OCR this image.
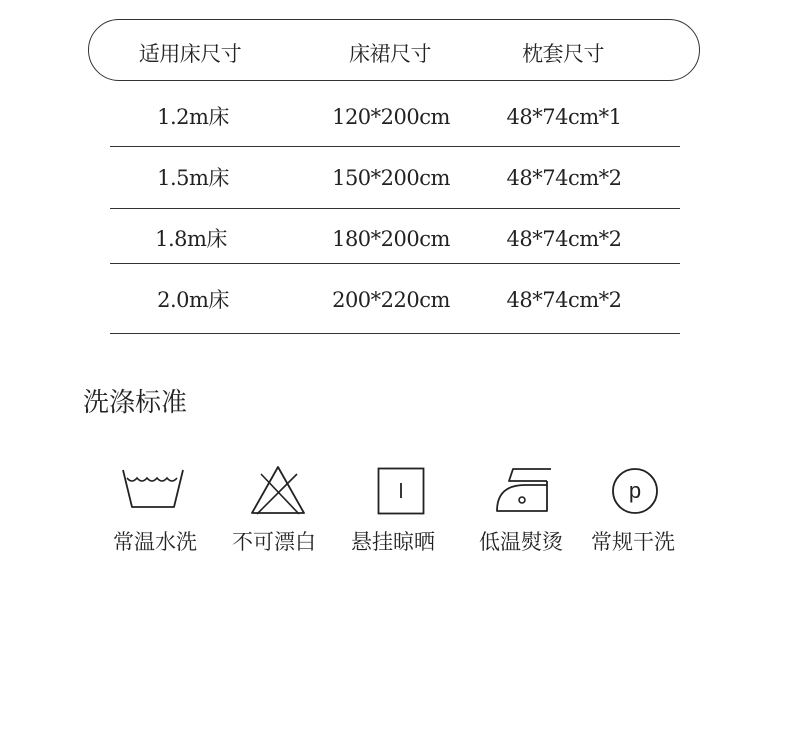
适用床尺寸	床裙尺寸	枕套尺寸
1.2m床	120*200cm	48*74cm*1
1.5m床	150*200cm	48*74cm*2
1.8m床	180*200cm	48*74cm*2
2.0m床	200*220cm	48*74cm*2
洗涤标准
p
常温水洗 不可漂白 悬挂晾晒 低温熨烫 常规干洗
